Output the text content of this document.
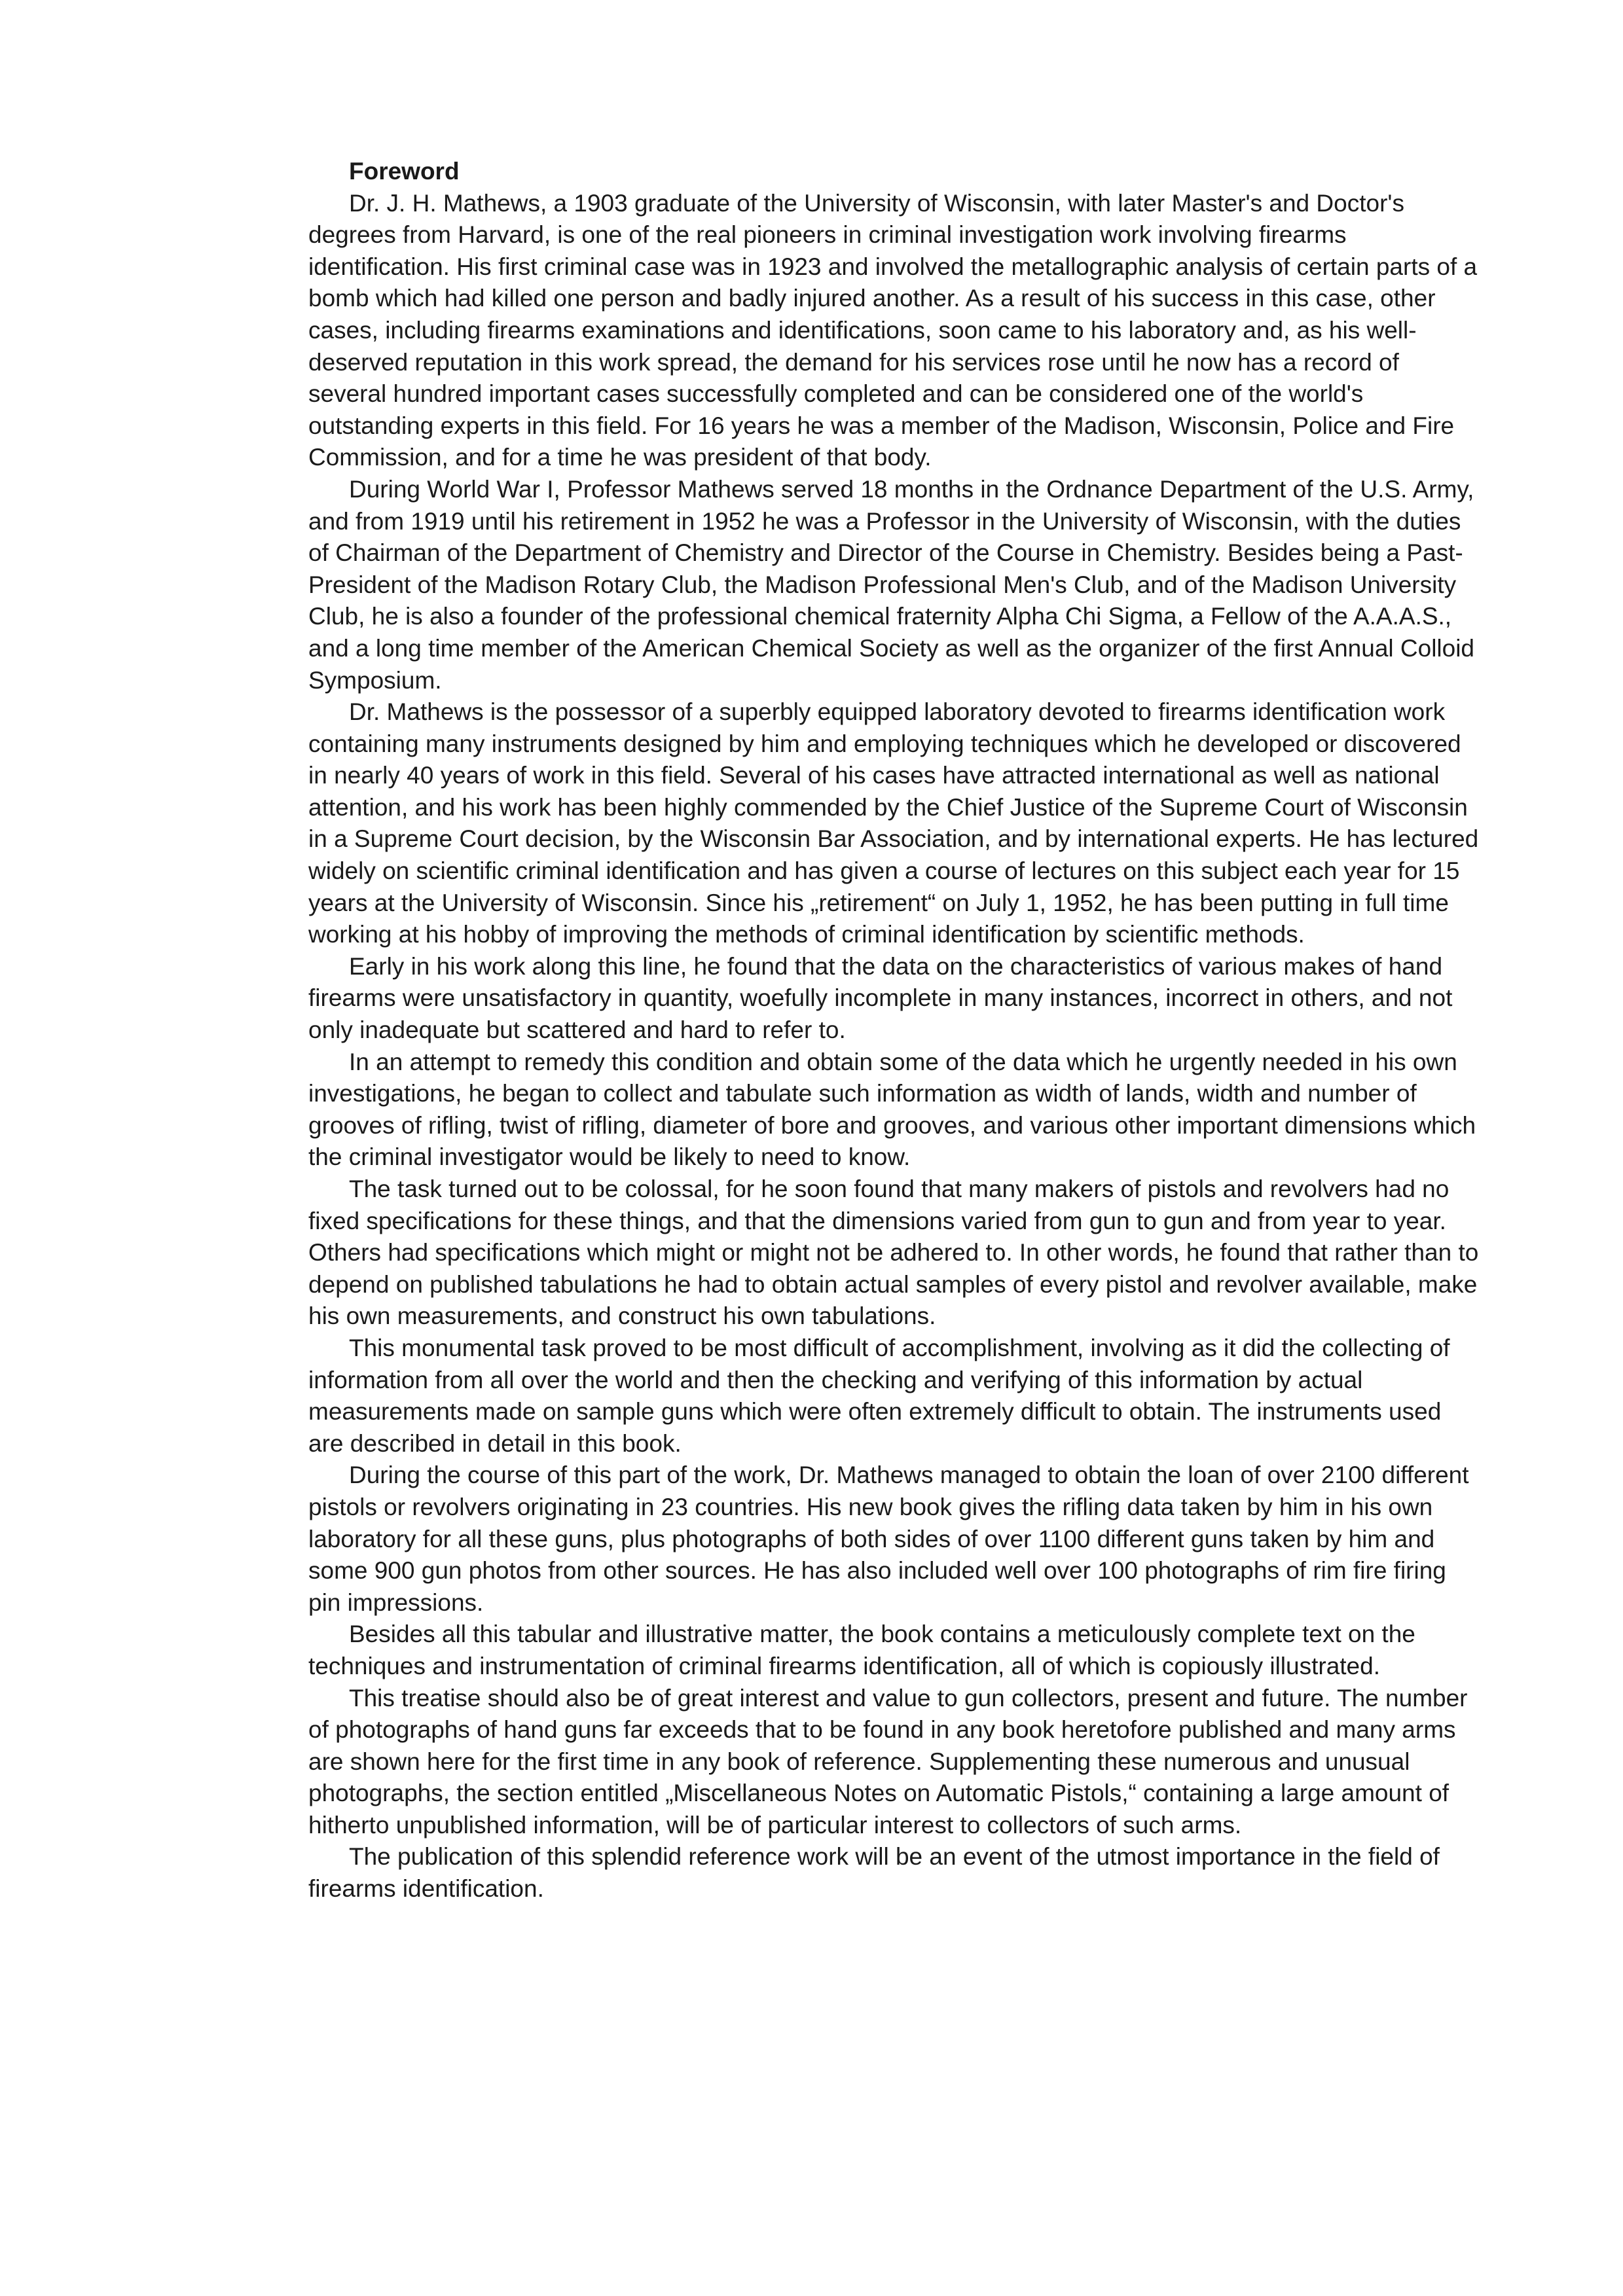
Foreword

Dr. J. H. Mathews, a 1903 graduate of the University of Wisconsin, with later Master's and Doctor's degrees from Harvard, is one of the real pioneers in criminal investigation work involving firearms identification. His first criminal case was in 1923 and involved the metallographic analysis of certain parts of a bomb which had killed one person and badly injured another. As a result of his success in this case, other cases, including firearms examinations and identifications, soon came to his laboratory and, as his well-deserved reputation in this work spread, the demand for his services rose until he now has a record of several hundred important cases successfully completed and can be considered one of the world's outstanding experts in this field. For 16 years he was a member of the Madison, Wisconsin, Police and Fire Commission, and for a time he was president of that body.

During World War I, Professor Mathews served 18 months in the Ordnance Department of the U.S. Army, and from 1919 until his retirement in 1952 he was a Professor in the University of Wisconsin, with the duties of Chairman of the Department of Chemistry and Director of the Course in Chemistry. Besides being a Past-President of the Madison Rotary Club, the Madison Professional Men's Club, and of the Madison University Club, he is also a founder of the professional chemical fraternity Alpha Chi Sigma, a Fellow of the A.A.A.S., and a long time member of the American Chemical Society as well as the organizer of the first Annual Colloid Symposium.

Dr. Mathews is the possessor of a superbly equipped laboratory devoted to firearms identification work containing many instruments designed by him and employing techniques which he developed or discovered in nearly 40 years of work in this field. Several of his cases have attracted international as well as national attention, and his work has been highly commended by the Chief Justice of the Supreme Court of Wisconsin in a Supreme Court decision, by the Wisconsin Bar Association, and by international experts. He has lectured widely on scientific criminal identification and has given a course of lectures on this subject each year for 15 years at the University of Wisconsin. Since his „retirement“ on July 1, 1952, he has been putting in full time working at his hobby of improving the methods of criminal identification by scientific methods.

Early in his work along this line, he found that the data on the characteristics of various makes of hand firearms were unsatisfactory in quantity, woefully incomplete in many instances, incorrect in others, and not only inadequate but scattered and hard to refer to.

In an attempt to remedy this condition and obtain some of the data which he urgently needed in his own investigations, he began to collect and tabulate such information as width of lands, width and number of grooves of rifling, twist of rifling, diameter of bore and grooves, and various other important dimensions which the criminal investigator would be likely to need to know.

The task turned out to be colossal, for he soon found that many makers of pistols and revolvers had no fixed specifications for these things, and that the dimensions varied from gun to gun and from year to year. Others had specifications which might or might not be adhered to. In other words, he found that rather than to depend on published tabulations he had to obtain actual samples of every pistol and revolver available, make his own measurements, and construct his own tabulations.

This monumental task proved to be most difficult of accomplishment, involving as it did the collecting of information from all over the world and then the checking and verifying of this information by actual measurements made on sample guns which were often extremely difficult to obtain. The instruments used are described in detail in this book.

During the course of this part of the work, Dr. Mathews managed to obtain the loan of over 2100 different pistols or revolvers originating in 23 countries. His new book gives the rifling data taken by him in his own laboratory for all these guns, plus photographs of both sides of over 1100 different guns taken by him and some 900 gun photos from other sources. He has also included well over 100 photographs of rim fire firing pin impressions.

Besides all this tabular and illustrative matter, the book contains a meticulously complete text on the techniques and instrumentation of criminal firearms identification, all of which is copiously illustrated.

This treatise should also be of great interest and value to gun collectors, present and future. The number of photographs of hand guns far exceeds that to be found in any book heretofore published and many arms are shown here for the first time in any book of reference. Supplementing these numerous and unusual photographs, the section entitled „Miscellaneous Notes on Automatic Pistols,“ containing a large amount of hitherto unpublished information, will be of particular interest to collectors of such arms.

The publication of this splendid reference work will be an event of the utmost importance in the field of firearms identification.
